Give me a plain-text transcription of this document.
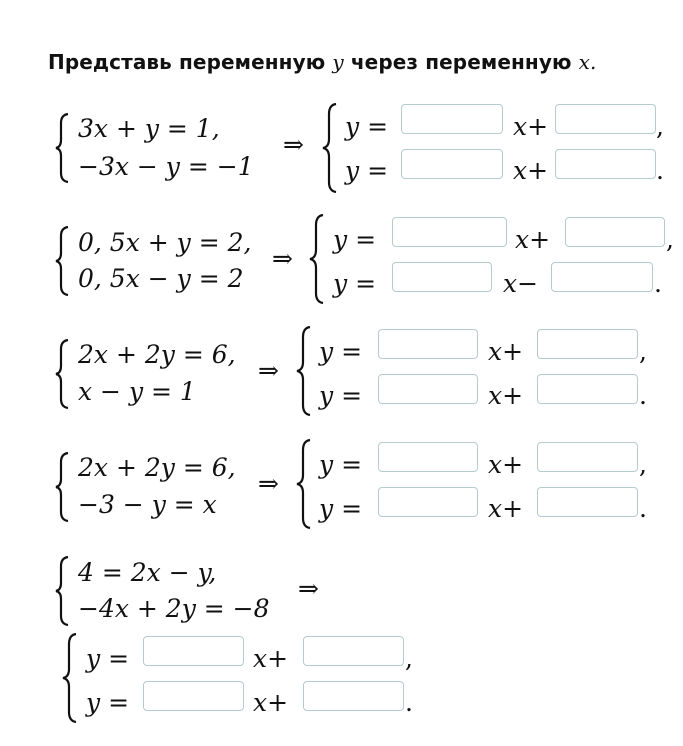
Представь переменную y через переменную x.
3x + y = 1,
−3x − y = −1
⇒
y =	x+	,
y =	x+	.
0, 5x + y = 2,
0, 5x − y = 2
⇒
y =	x+	,
y =	x−	.
2x + 2y = 6,
x − y = 1
⇒
y =	x+	,
y =	x+	.
2x + 2y = 6,
−3 − y = x
⇒
y =	x+	,
y =	x+	.
4 = 2x − y,
−4x + 2y = −8
⇒
y =	x+	,
y =	x+	.
